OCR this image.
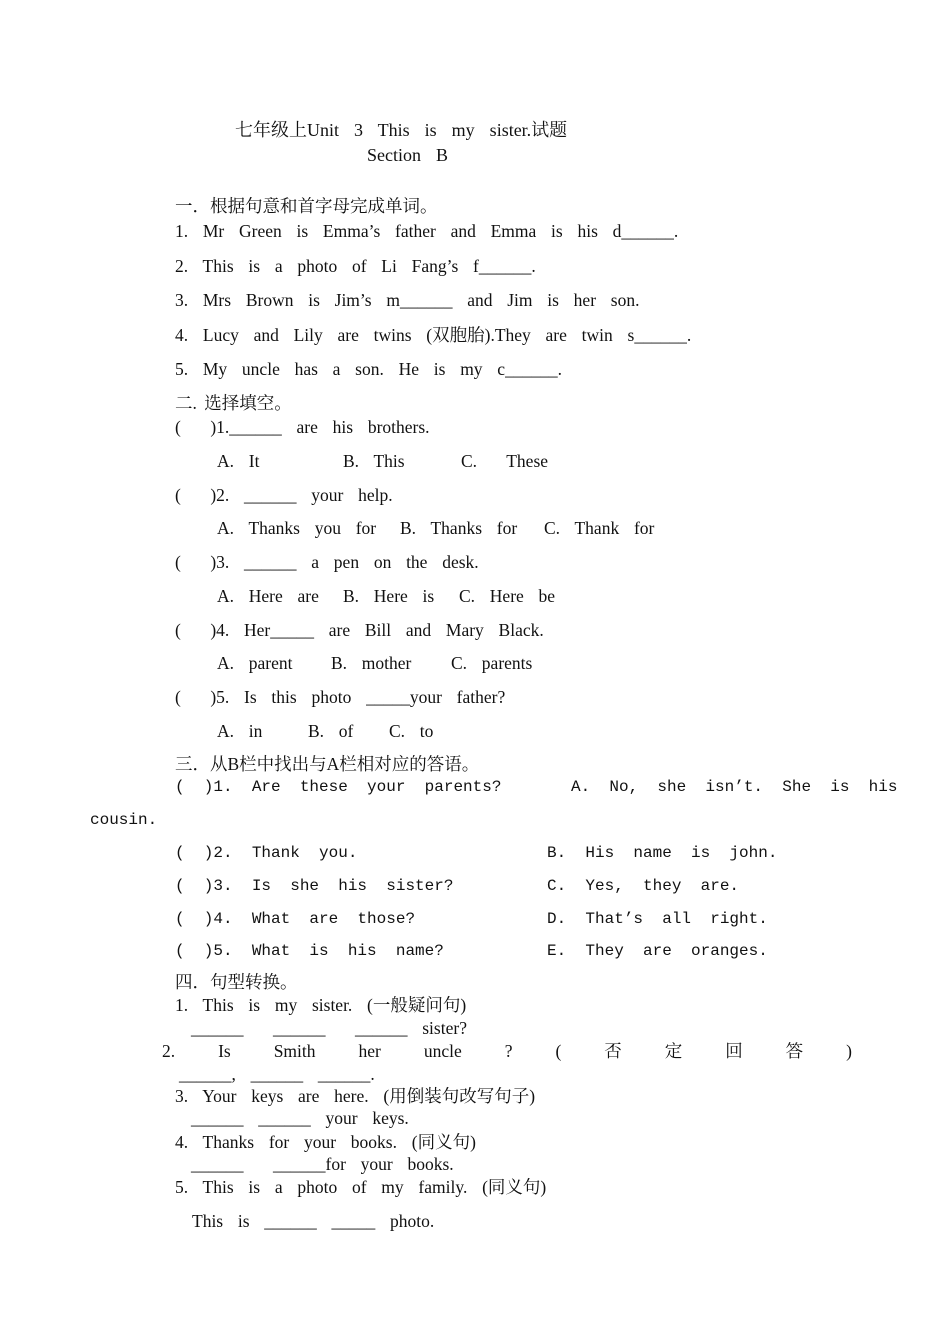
七年级上Unit  3  This  is  my  sister.试题
Section  B
一．根据句意和首字母完成单词。
1.  Mr  Green  is  Emma’s  father  and  Emma  is  his  d______.
2.  This  is  a  photo  of  Li  Fang’s  f______.
3.  Mrs  Brown  is  Jim’s  m______  and  Jim  is  her  son.
4.  Lucy  and  Lily  are  twins  (双胞胎).They  are  twin  s______.
5.  My  uncle  has  a  son.  He  is  my  c______.
二. 选择填空。
(    )1.______  are  his  brothers.
A.  It	B.  This	C.    These
(    )2.  ______  your  help.
A.  Thanks  you  for B.  Thanks  for C.  Thank  for
(    )3.  ______  a  pen  on  the  desk.
A.  Here  are B.  Here  is C.  Here  be
(    )4.  Her_____  are  Bill  and  Mary  Black.
A.  parent B.  mother C.  parents
(    )5.  Is  this  photo  _____your  father?
A.  in	B.  of C.  to
三．从B栏中找出与A栏相对应的答语。
(  )1.  Are  these  your  parents?	A.  No,  she  isn’t.  She  is  his
cousin.
(  )2.  Thank  you.	B.  His  name  is  john.
(  )3.  Is  she  his  sister?	C.  Yes,  they  are.
(  )4.  What  are  those?	D.  That’s  all  right.
(  )5.  What  is  his  name?	E.  They  are  oranges.
四．句型转换。
1.  This  is  my  sister.  (一般疑问句)
______    ______    ______  sister?
2. Is Smith her uncle ? ( 否 定 回 答 )
______,  ______  ______.
3.  Your  keys  are  here.  (用倒装句改写句子)
______  ______  your  keys.
4.  Thanks  for  your  books.  (同义句)
______    ______for  your  books.
5.  This  is  a  photo  of  my  family.  (同义句)
This  is  ______  _____  photo.
